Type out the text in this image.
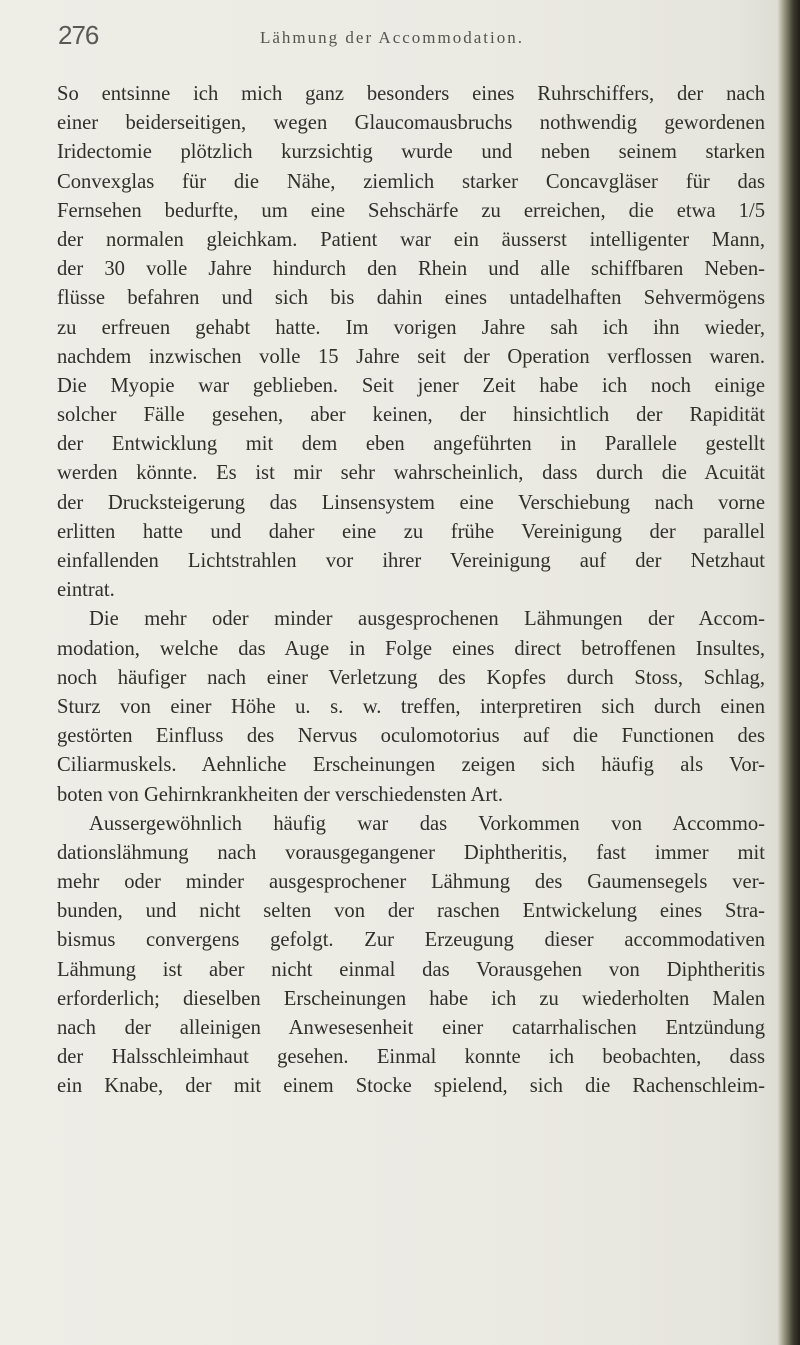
276	Lähmung der Accommodation.
So entsinne ich mich ganz besonders eines Ruhrschiffers, der nach
einer beiderseitigen, wegen Glaucomausbruchs nothwendig gewordenen
Iridectomie plötzlich kurzsichtig wurde und neben seinem starken
Convexglas für die Nähe, ziemlich starker Concavgläser für das
Fernsehen bedurfte, um eine Sehschärfe zu erreichen, die etwa 1/5
der normalen gleichkam. Patient war ein äusserst intelligenter Mann,
der 30 volle Jahre hindurch den Rhein und alle schiffbaren Neben-
flüsse befahren und sich bis dahin eines untadelhaften Sehvermögens
zu erfreuen gehabt hatte. Im vorigen Jahre sah ich ihn wieder,
nachdem inzwischen volle 15 Jahre seit der Operation verflossen waren.
Die Myopie war geblieben. Seit jener Zeit habe ich noch einige
solcher Fälle gesehen, aber keinen, der hinsichtlich der Rapidität
der Entwicklung mit dem eben angeführten in Parallele gestellt
werden könnte. Es ist mir sehr wahrscheinlich, dass durch die Acuität
der Drucksteigerung das Linsensystem eine Verschiebung nach vorne
erlitten hatte und daher eine zu frühe Vereinigung der parallel
einfallenden Lichtstrahlen vor ihrer Vereinigung auf der Netzhaut
eintrat.
Die mehr oder minder ausgesprochenen Lähmungen der Accom-
modation, welche das Auge in Folge eines direct betroffenen Insultes,
noch häufiger nach einer Verletzung des Kopfes durch Stoss, Schlag,
Sturz von einer Höhe u. s. w. treffen, interpretiren sich durch einen
gestörten Einfluss des Nervus oculomotorius auf die Functionen des
Ciliarmuskels. Aehnliche Erscheinungen zeigen sich häufig als Vor-
boten von Gehirnkrankheiten der verschiedensten Art.
Aussergewöhnlich häufig war das Vorkommen von Accommo-
dationslähmung nach vorausgegangener Diphtheritis, fast immer mit
mehr oder minder ausgesprochener Lähmung des Gaumensegels ver-
bunden, und nicht selten von der raschen Entwickelung eines Stra-
bismus convergens gefolgt. Zur Erzeugung dieser accommodativen
Lähmung ist aber nicht einmal das Vorausgehen von Diphtheritis
erforderlich; dieselben Erscheinungen habe ich zu wiederholten Malen
nach der alleinigen Anwesesenheit einer catarrhalischen Entzündung
der Halsschleimhaut gesehen. Einmal konnte ich beobachten, dass
ein Knabe, der mit einem Stocke spielend, sich die Rachenschleim-
